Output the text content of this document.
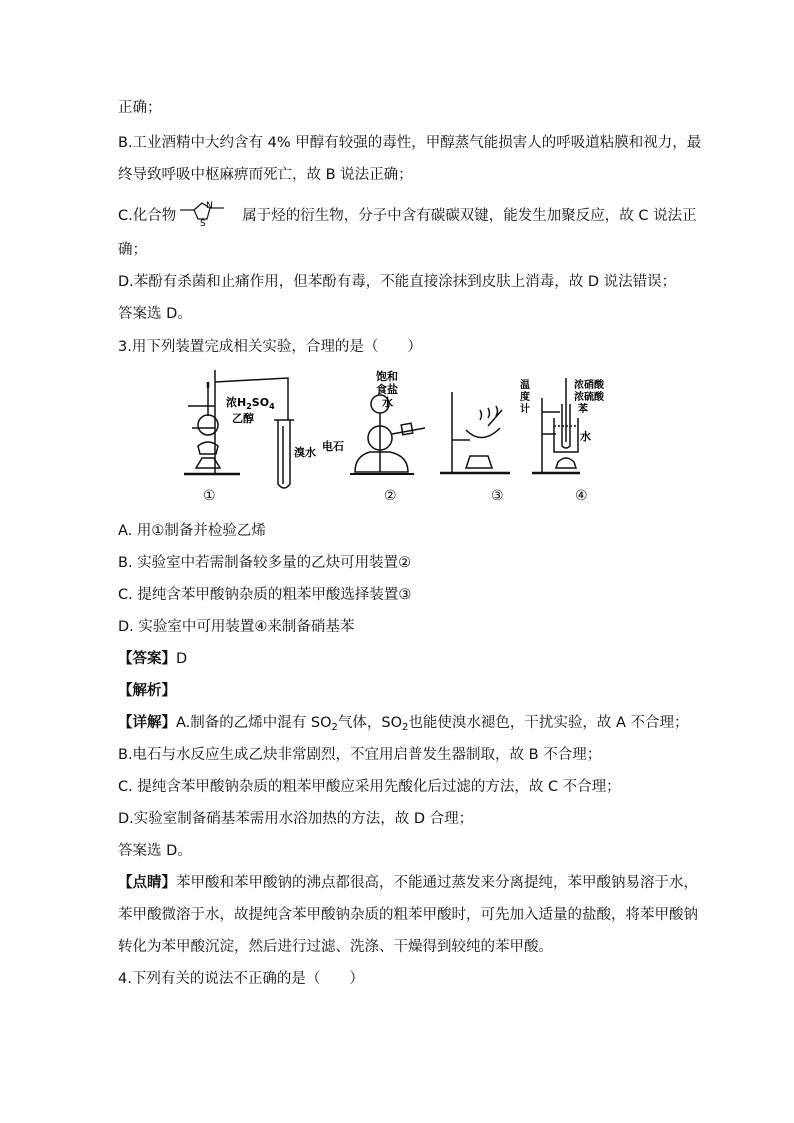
正确；
B.工业酒精中大约含有 4% 甲醇有较强的毒性，甲醇蒸气能损害人的呼吸道粘膜和视力，最
终导致呼吸中枢麻痹而死亡，故 B 说法正确；
C.化合物
N
S	属于烃的衍生物，分子中含有碳碳双键，能发生加聚反应，故 C 说法正
确；
D.苯酚有杀菌和止痛作用，但苯酚有毒，不能直接涂抹到皮肤上消毒，故 D 说法错误；
答案选 D。
3.用下列装置完成相关实验，合理的是（　　）
浓$H_2SO_4$
乙醇
溴水
饱和
食盐
水
电石
温
度
计
浓硝酸
浓硫酸
苯
水
①	②	③	④
A. 用①制备并检验乙烯
B. 实验室中若需制备较多量的乙炔可用装置②
C. 提纯含苯甲酸钠杂质的粗苯甲酸选择装置③
D. 实验室中可用装置④来制备硝基苯
【答案】D
【解析】
【详解】A.制备的乙烯中混有 $SO_2$气体，$SO_2$也能使溴水褪色，干扰实验，故 A 不合理；
B.电石与水反应生成乙炔非常剧烈，不宜用启普发生器制取，故 B 不合理；
C. 提纯含苯甲酸钠杂质的粗苯甲酸应采用先酸化后过滤的方法，故 C 不合理；
D.实验室制备硝基苯需用水浴加热的方法，故 D 合理；
答案选 D。
【点睛】苯甲酸和苯甲酸钠的沸点都很高，不能通过蒸发来分离提纯，苯甲酸钠易溶于水，
苯甲酸微溶于水，故提纯含苯甲酸钠杂质的粗苯甲酸时，可先加入适量的盐酸，将苯甲酸钠
转化为苯甲酸沉淀，然后进行过滤、洗涤、干燥得到较纯的苯甲酸。
4.下列有关的说法不正确的是（　　）
